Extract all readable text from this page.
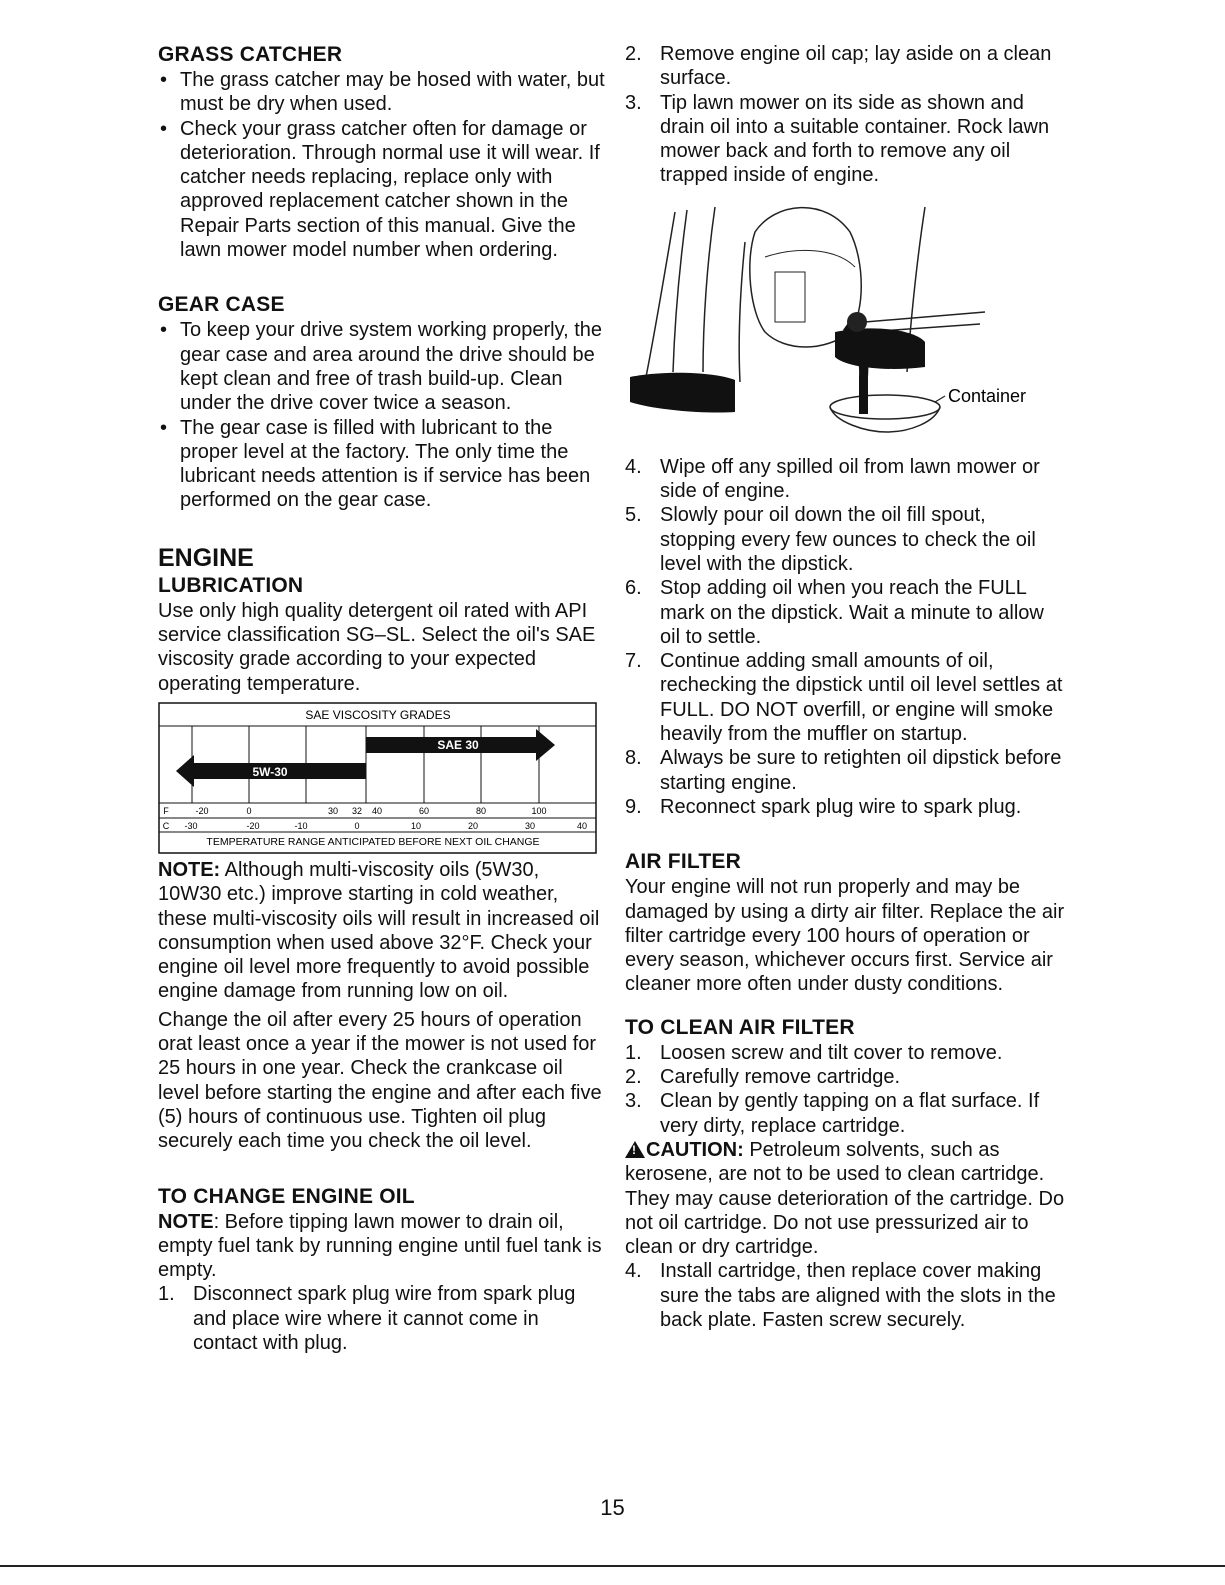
GRASS CATCHER
• The grass catcher may be hosed with water, but must be dry when used.
• Check your grass catcher often for damage or deterioration. Through normal use it will wear. If catcher needs replacing, replace only with approved replacement catcher shown in the Repair Parts section of this manual. Give the lawn mower model number when ordering.
GEAR CASE
• To keep your drive system working properly, the gear case and area around the drive should be kept clean and free of trash build-up. Clean under the drive cover twice a season.
• The gear case is filled with lubricant to the proper level at the factory. The only time the lubricant needs attention is if service has been performed on the gear case.
ENGINE
LUBRICATION

Use only high quality detergent oil rated with API service classification SG–SL. Select the oil's SAE viscosity grade according to your expected operating temperature.

SAE VISCOSITY GRADES
5W-30
SAE 30
F	-20	0	30 32 40	60	80	100
C -30	-20	-10	0	10	20	30	40
TEMPERATURE RANGE ANTICIPATED BEFORE NEXT OIL CHANGE

NOTE: Although multi-viscosity oils (5W30, 10W30 etc.) improve starting in cold weather, these multi-viscosity oils will result in increased oil consumption when used above 32°F. Check your engine oil level more frequently to avoid possible engine damage from running low on oil.

Change the oil after every 25 hours of operation orat least once a year if the mower is not used for 25 hours in one year. Check the crankcase oil level before starting the engine and after each five (5) hours of continuous use. Tighten oil plug securely each time you check the oil level.

TO CHANGE ENGINE OIL

NOTE: Before tipping lawn mower to drain oil, empty fuel tank by running engine until fuel tank is empty.

1. Disconnect spark plug wire from spark plug and place wire where it cannot come in contact with plug.
2. Remove engine oil cap; lay aside on a clean surface.
3. Tip lawn mower on its side as shown and drain oil into a suitable container. Rock lawn mower back and forth to remove any oil trapped inside of engine.
Container
4. Wipe off any spilled oil from lawn mower or side of engine.
5. Slowly pour oil down the oil fill spout, stopping every few ounces to check the oil level with the dipstick.
6. Stop adding oil when you reach the FULL mark on the dipstick. Wait a minute to allow oil to settle.
7. Continue adding small amounts of oil, rechecking the dipstick until oil level settles at FULL. DO NOT overfill, or engine will smoke heavily from the muffler on startup.
8. Always be sure to retighten oil dipstick before starting engine.
9. Reconnect spark plug wire to spark plug.
AIR FILTER

Your engine will not run properly and may be damaged by using a dirty air filter. Replace the air filter cartridge every 100 hours of operation or every season, whichever occurs first. Service air cleaner more often under dusty conditions.

TO CLEAN AIR FILTER
1. Loosen screw and tilt cover to remove.
2. Carefully remove cartridge.
3. Clean by gently tapping on a flat surface. If very dirty, replace cartridge.

!CAUTION: Petroleum solvents, such as kerosene, are not to be used to clean cartridge. They may cause deterioration of the cartridge. Do not oil cartridge. Do not use pressurized air to clean or dry cartridge.

4. Install cartridge, then replace cover making sure the tabs are aligned with the slots in the back plate. Fasten screw securely.
15
